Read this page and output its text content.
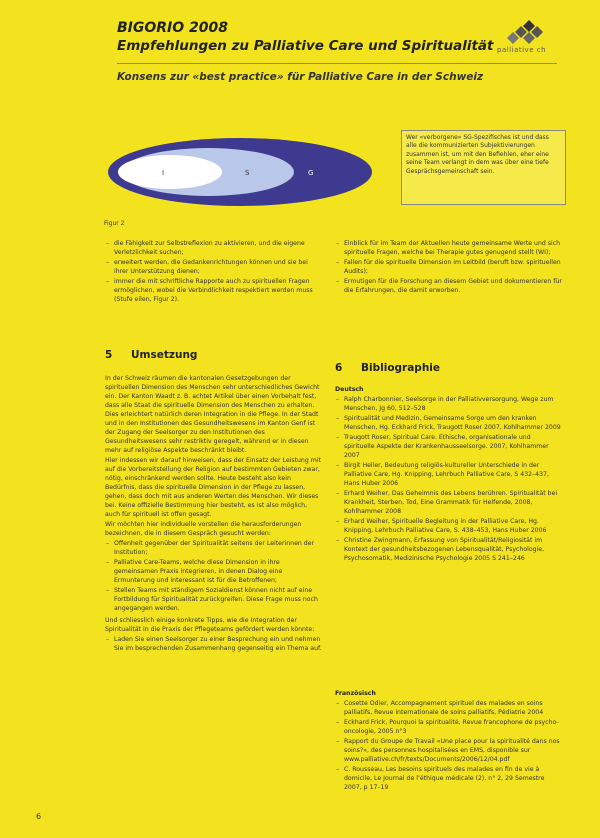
BIGORIO 2008
Empfehlungen zu Palliative Care und Spiritualität palliative ch
Konsens zur «best practice» für Palliative Care in der Schweiz
I	S	G
Figur 2
Wer «verborgene» SG-Spezifisches ist und dass alle die kommunizierten Subjektivierungen zusammen ist, um mit den Befiehlen, eher eine seine Team verlangt in dem was über eine tiefe Gesprächsgemeinschaft sein.
– die Fähigkeit zur Selbstreflexion zu aktivieren, und die eigene Verletzlichkeit suchen;
– erweitert werden, die Gedankenrichtungen können und sie bei ihrer Unterstützung dienen;
– immer die mit schriftliche Rapporte auch zu spirituellen Fragen ermöglichen, wobei die Verbindlichkeit respektiert werden muss (Stufe eilen, Figur 2).
– Einblick für im Team der Aktuellen heute gemeinsame Werte und sich spirituelle Fragen, welche bei Therapie gutes genugend stellt (WI);
– Fallen für die spirituelle Dimension im Leitbild (beruft bzw. spirituellen Audits);
– Ermutigen für die Forschung an diesem Gebiet und dokumentieren für die Erfahrungen, die damit erworben.
5 Umsetzung

In der Schweiz räumen die kantonalen Gesetzgebungen der spirituellen Dimension des Menschen sehr unterschiedliches Gewicht ein. Der Kanton Waadt z. B. achtet Artikel über einen Vorbehalt fest, dass alle Staat die spirituelle Dimension des Menschen zu erhalten. Dies erleichtert natürlich deren Integration in die Pflege. In der Stadt und in den Institutionen des Gesundheitswesens im Kanton Genf ist der Zugang der Seelsorger zu den Institutionen des Gesundheitswesens sehr restriktiv geregelt, während er in diesen mehr auf religiöse Aspekte beschränkt bleibt.

Hier indessen wir darauf hinweisen, dass der Einsatz der Leistung mit auf die Vorbereitstellung der Religion auf bestimmten Gebieten zwar, nötig, einschränkend werden sollte. Heute besteht also kein Bedürfnis, dass die spirituelle Dimension in der Pflege zu lassen, gehen, dass doch mit aus anderen Werten des Menschen. Wir dieses bei. Keine offizielle Bestimmung hier besteht, es ist also möglich, auch für spirituell ist offen gesagt.

Wir möchten hier individuelle vorstellen die herausforderungen bezeichnen, die in diesem Gespräch gesucht werden:

– Offenheit gegenüber der Spiritualität seitens der Leiterinnen der Institution;
– Palliative Care-Teams, welche diese Dimension in ihre gemeinsamen Praxis integrieren, in denen Dialog eine Ermunterung und interessant ist für die Betroffenen;
– Stellen Teams mit ständigem Sozialdienst können nicht auf eine Fortbildung für Spiritualität zurückgreifen. Diese Frage muss noch angegangen werden.

Und schliesslich einige konkrete Tipps, wie die Integration der Spiritualität in die Praxis der Pflegeteams gefördert werden könnte:

– Laden Sie einen Seelsorger zu einer Besprechung ein und nehmen Sie im besprechenden Zusammenhang gegenseitig ein Thema auf.
6 Bibliographie
Deutsch
– Ralph Charbonnier, Seelsorge in der Palliativversorgung, Wege zum Menschen, Jg 60, 512–528
– Spiritualität und Medizin, Gemeinsame Sorge um den kranken Menschen, Hg. Eckhard Frick, Traugott Roser 2007, Kohlhammer 2009
– Traugott Roser, Spiritual Care. Ethische, organisationale und spirituelle Aspekte der Krankenhausseelsorge. 2007, Kohlhammer 2007
– Birgit Heller, Bedeutung religiös-kultureller Unterschiede in der Palliative Care, Hg. Knipping, Lehrbuch Palliative Care, S 432–437, Hans Huber 2006
– Erhard Weiher, Das Geheimnis des Lebens berühren. Spiritualität bei Krankheit, Sterben, Tod, Eine Grammatik für Helfende, 2008, Kohlhammer 2008
– Erhard Weiher, Spirituelle Begleitung in der Palliative Care, Hg. Knipping, Lehrbuch Palliative Care, S. 438–453, Hans Huber 2006
– Christine Zwingmann, Erfassung von Spiritualität/Religiosität im Kontext der gesundheitsbezogenen Lebensqualität, Psychologie, Psychosomatik, Medizinische Psychologie 2005 S 241–246
Französisch
– Cosette Odier, Accompagnement spirituel des malades en soins palliatifs, Revue internationale de soins palliatifs, Pédiatrie 2004
– Eckhard Frick, Pourquoi la spiritualité, Revue francophone de psycho-oncologie, 2005 n°3
– Rapport du Groupe de Travail «Une place pour la spiritualité dans nos soins?», des personnes hospitalisées en EMS, disponible sur www.palliative.ch/fr/texts/Documents/2006/12/04.pdf
– C. Rousseau, Les besoins spirituels des malades en fin de vie à domicile, Le Journal de l’éthique médicale (2), n° 2, 29 Semestre 2007, p 17–19
6
